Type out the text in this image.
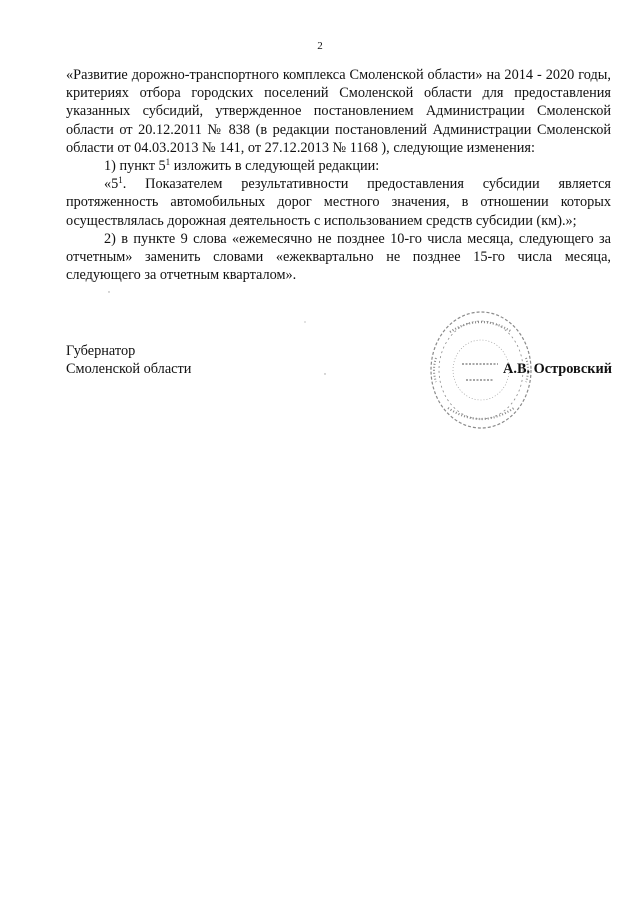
2

«Развитие дорожно-транспортного комплекса Смоленской области» на 2014 - 2020 годы, критериях отбора городских поселений Смоленской области для предоставления указанных субсидий, утвержденное постановлением Администрации Смоленской области от 20.12.2011 № 838 (в редакции постановлений Администрации Смоленской области от 04.03.2013 № 141, от 27.12.2013 № 1168 ), следующие изменения:

1) пункт $5^1$ изложить в следующей редакции:

«$5^1$. Показателем результативности предоставления субсидии является протяженность автомобильных дорог местного значения, в отношении которых осуществлялась дорожная деятельность с использованием средств субсидии (км).»;

2) в пункте 9 слова «ежемесячно не позднее 10-го числа месяца, следующего за отчетным» заменить словами «ежеквартально не позднее 15-го числа месяца, следующего за отчетным кварталом».

Губернатор
Смоленской области	А.В. Островский
